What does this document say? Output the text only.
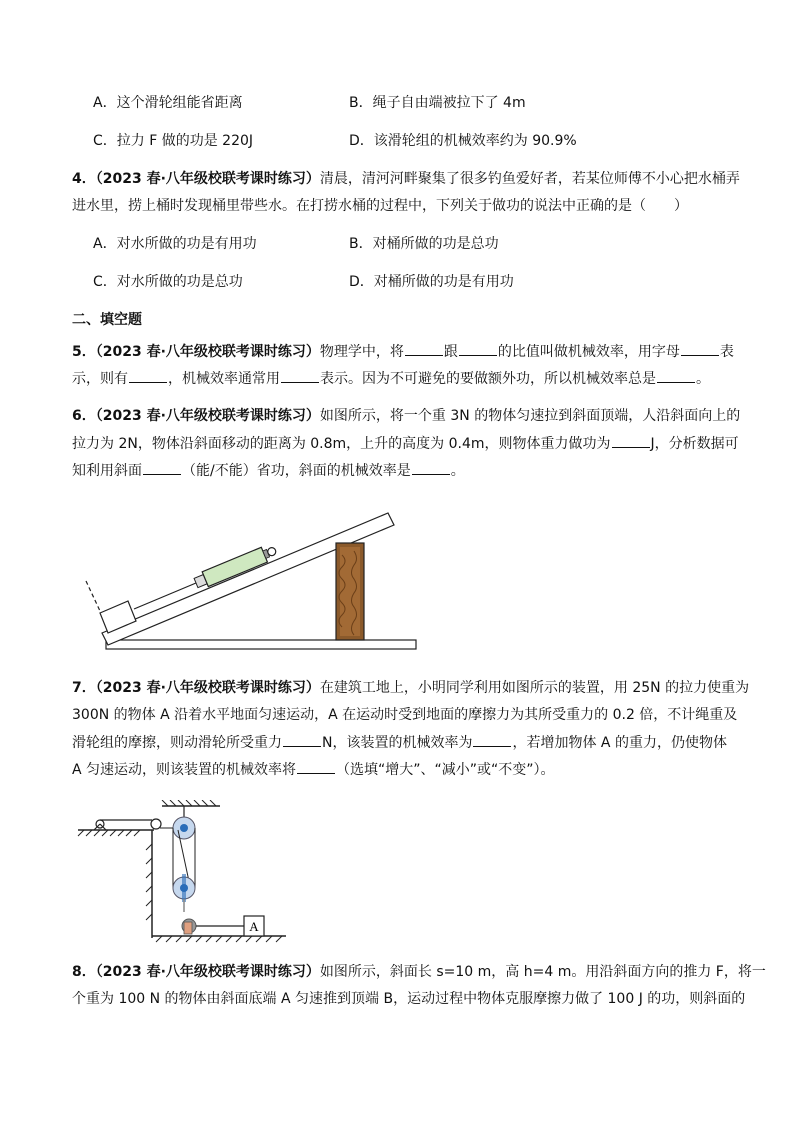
A．这个滑轮组能省距离	B．绳子自由端被拉下了 4m
C．拉力 F 做的功是 220J	D．该滑轮组的机械效率约为 90.9%
4．（2023 春·八年级校联考课时练习）清晨，清河河畔聚集了很多钓鱼爱好者，若某位师傅不小心把水桶弄
进水里，捞上桶时发现桶里带些水。在打捞水桶的过程中，下列关于做功的说法中正确的是（　　）
A．对水所做的功是有用功	B．对桶所做的功是总功
C．对水所做的功是总功	D．对桶所做的功是有用功
二、填空题
5．（2023 春·八年级校联考课时练习）物理学中，将	跟	的比值叫做机械效率，用字母	表
示，则有	，机械效率通常用	表示。因为不可避免的要做额外功，所以机械效率总是	。
6．（2023 春·八年级校联考课时练习）如图所示，将一个重 3N 的物体匀速拉到斜面顶端，人沿斜面向上的
拉力为 2N，物体沿斜面移动的距离为 0.8m，上升的高度为 0.4m，则物体重力做功为	J，分析数据可
知利用斜面	（能/不能）省功，斜面的机械效率是	。
7．（2023 春·八年级校联考课时练习）在建筑工地上，小明同学利用如图所示的装置，用 25N 的拉力使重为
300N 的物体 A 沿着水平地面匀速运动，A 在运动时受到地面的摩擦力为其所受重力的 0.2 倍，不计绳重及
滑轮组的摩擦，则动滑轮所受重力	N，该装置的机械效率为	，若增加物体 A 的重力，仍使物体
A 匀速运动，则该装置的机械效率将	（选填“增大”、“减小”或“不变”）。
A
8．（2023 春·八年级校联考课时练习）如图所示，斜面长 s=10 m，高 h=4 m。用沿斜面方向的推力 F，将一
个重为 100 N 的物体由斜面底端 A 匀速推到顶端 B，运动过程中物体克服摩擦力做了 100 J 的功，则斜面的
